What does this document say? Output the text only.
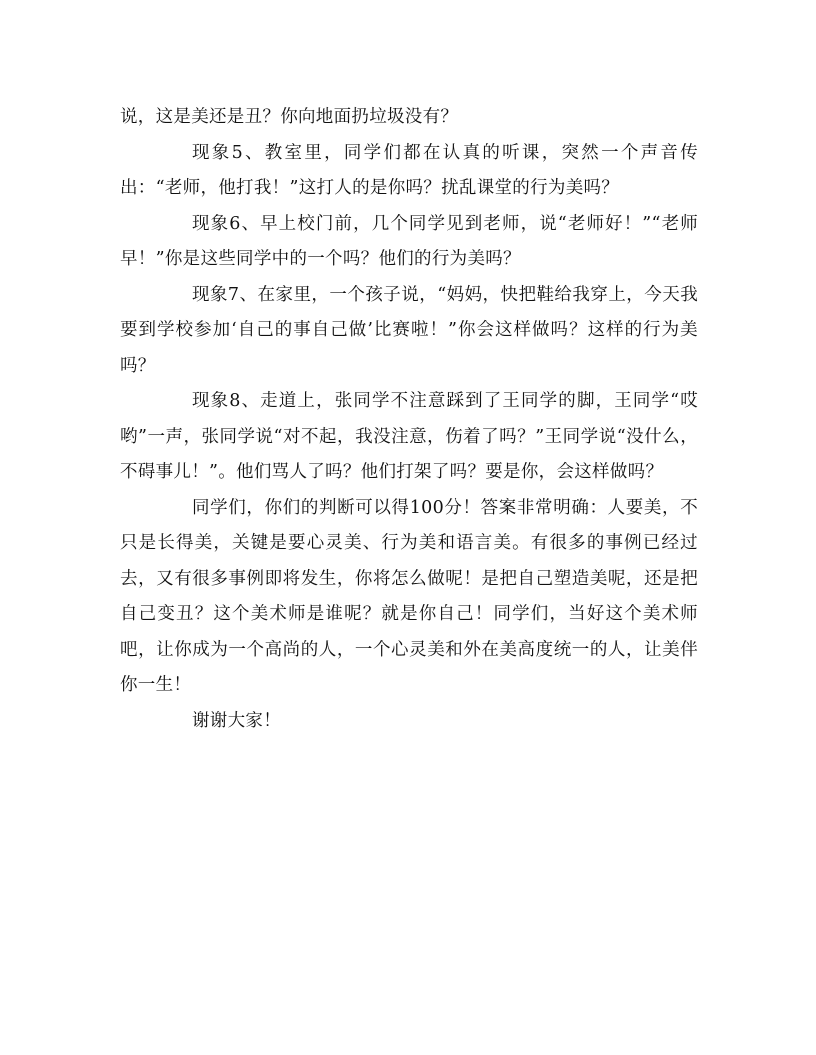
说，这是美还是丑？你向地面扔垃圾没有？

现象5、教室里，同学们都在认真的听课，突然一个声音传出：“老师，他打我！”这打人的是你吗？扰乱课堂的行为美吗？

现象6、早上校门前，几个同学见到老师，说“老师好！”“老师早！”你是这些同学中的一个吗？他们的行为美吗？

现象7、在家里，一个孩子说，“妈妈，快把鞋给我穿上，今天我要到学校参加‘自己的事自己做’比赛啦！”你会这样做吗？这样的行为美吗？

现象8、走道上，张同学不注意踩到了王同学的脚，王同学“哎哟”一声，张同学说“对不起，我没注意，伤着了吗？”王同学说“没什么，不碍事儿！”。他们骂人了吗？他们打架了吗？要是你，会这样做吗？

同学们，你们的判断可以得100分！答案非常明确：人要美，不只是长得美，关键是要心灵美、行为美和语言美。有很多的事例已经过去，又有很多事例即将发生，你将怎么做呢！是把自己塑造美呢，还是把自己变丑？这个美术师是谁呢？就是你自己！同学们，当好这个美术师吧，让你成为一个高尚的人，一个心灵美和外在美高度统一的人，让美伴你一生！

谢谢大家！
